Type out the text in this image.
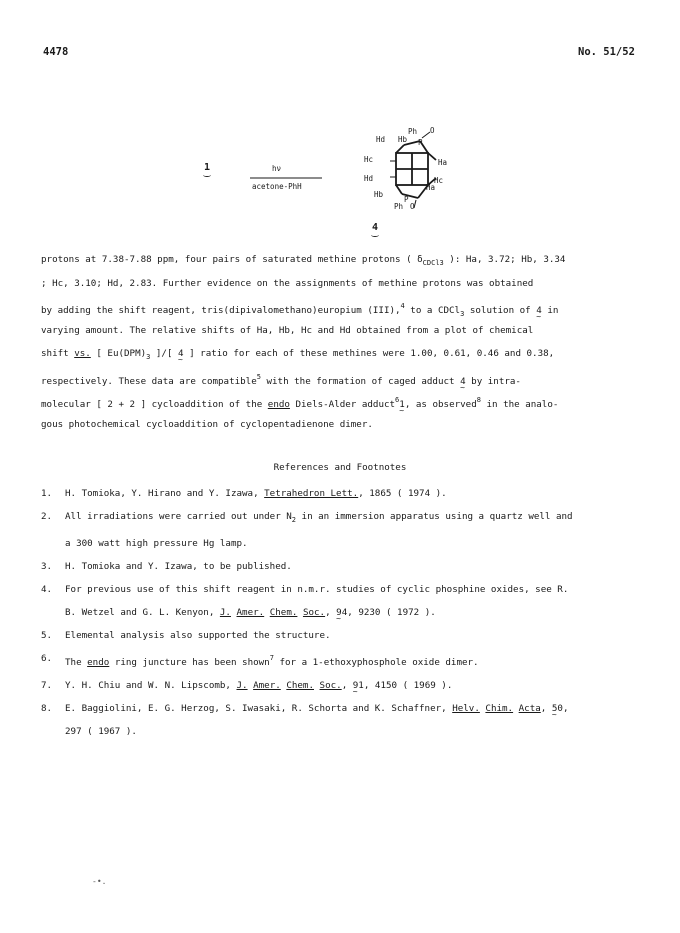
4478	No. 51/52
1	hν
acetone-PhH
Hd Hb
Ph
P
O
Hc	Ha
Hd
Hb
P
Ha
Hc
Ph O
4
protons at 7.38-7.88 ppm, four pairs of saturated methine protons ( $\delta_{CDCl3}$ ): Ha, 3.72; Hb, 3.34
; Hc, 3.10; Hd, 2.83. Further evidence on the assignments of methine protons was obtained
by adding the shift reagent, tris(dipivalomethano)europium (III),$^4$ to a CDCl$_3$ solution of 4 ~ in
varying amount. The relative shifts of Ha, Hb, Hc and Hd obtained from a plot of chemical
shift vs. [ $Eu(DPM)_3$ ]/[ 4 ~ ] ratio for each of these methines were 1.00, 0.61, 0.46 and 0.38,
respectively. These data are compatible$^5$ with the formation of caged adduct 4 ~ by intra-
molecular [ 2 + 2 ] cycloaddition of the endo Diels-Alder adduct$^6$1 ~, as observed$^8$ in the analo-
gous photochemical cycloaddition of cyclopentadienone dimer.
References and Footnotes
1. H. Tomioka, Y. Hirano and Y. Izawa, Tetrahedron Lett., 1865 ( 1974 ).
2. All irradiations were carried out under $N_2$ in an immersion apparatus using a quartz well and
a 300 watt high pressure Hg lamp.
3. H. Tomioka and Y. Izawa, to be published.
4. For previous use of this shift reagent in n.m.r. studies of cyclic phosphine oxides, see R.
B. Wetzel and G. L. Kenyon, J. Amer. Chem. Soc., 94 ~, 9230 ( 1972 ).
5. Elemental analysis also supported the structure.
6. The endo ring juncture has been shown$^7$ for a 1-ethoxyphosphole oxide dimer.
7. Y. H. Chiu and W. N. Lipscomb, J. Amer. Chem. Soc., 91 ~, 4150 ( 1969 ).
8. E. Baggiolini, E. G. Herzog, S. Iwasaki, R. Schorta and K. Schaffner, Helv. Chim. Acta, 50 ~,
297 ( 1967 ).
-•.
